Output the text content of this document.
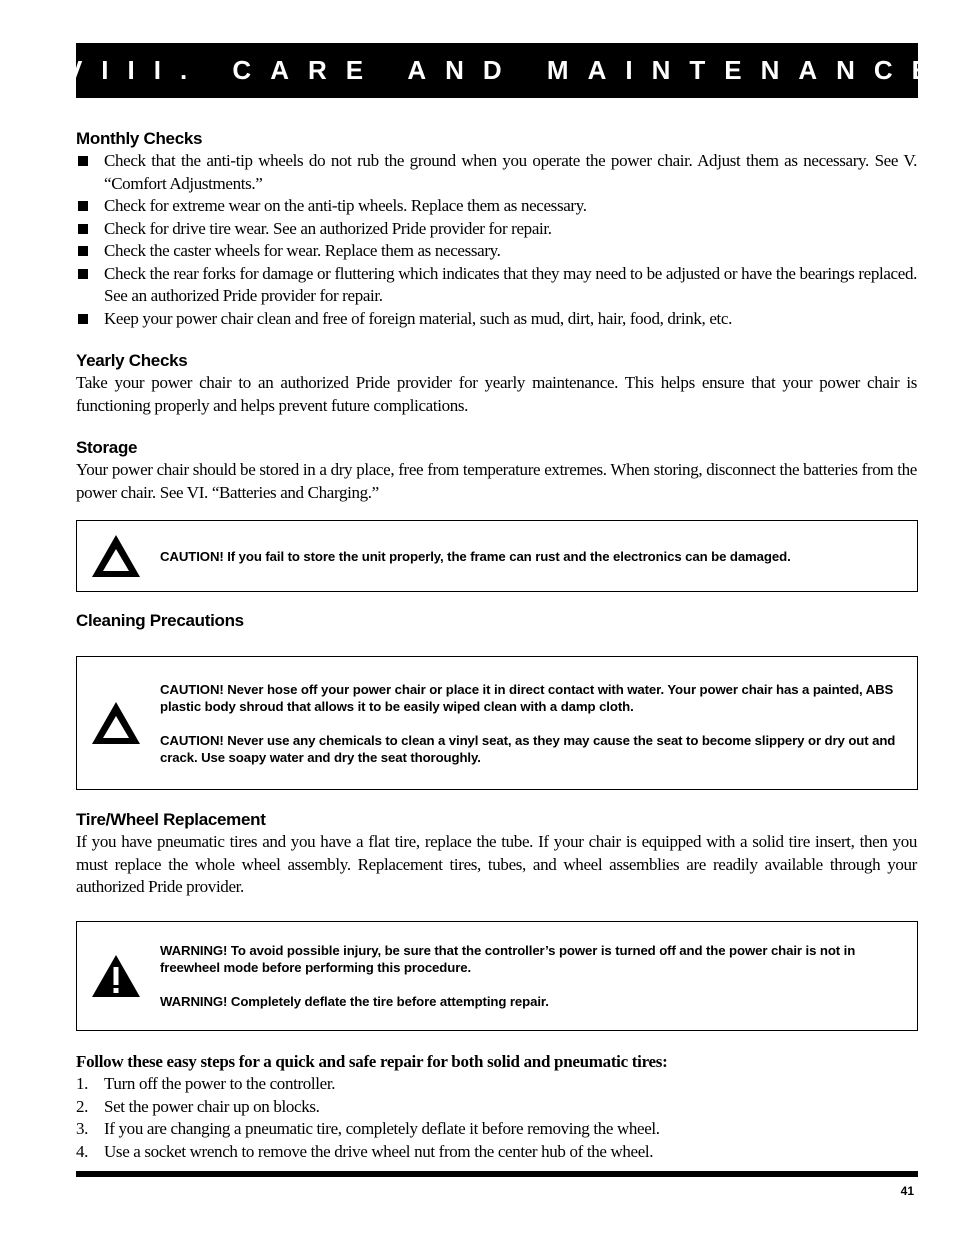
VIII. CARE AND MAINTENANCE
Monthly Checks
Check that the anti-tip wheels do not rub the ground when you operate the power chair. Adjust them as necessary. See V. “Comfort Adjustments.”
Check for extreme wear on the anti-tip wheels. Replace them as necessary.
Check for drive tire wear. See an authorized Pride provider for repair.
Check the caster wheels for wear. Replace them as necessary.
Check the rear forks for damage or fluttering which indicates that they may need to be adjusted or have the bearings replaced. See an authorized Pride provider for repair.
Keep your power chair clean and free of foreign material, such as mud, dirt, hair, food, drink, etc.
Yearly Checks

Take your power chair to an authorized Pride provider for yearly maintenance. This helps ensure that your power chair is functioning properly and helps prevent future complications.

Storage

Your power chair should be stored in a dry place, free from temperature extremes. When storing, disconnect the batteries from the power chair. See VI. “Batteries and Charging.”

CAUTION! If you fail to store the unit properly, the frame can rust and the electronics can be damaged.

Cleaning Precautions

CAUTION! Never hose off your power chair or place it in direct contact with water. Your power chair has a painted, ABS plastic body shroud that allows it to be easily wiped clean with a damp cloth.

CAUTION! Never use any chemicals to clean a vinyl seat, as they may cause the seat to become slippery or dry out and crack. Use soapy water and dry the seat thoroughly.

Tire/Wheel Replacement

If you have pneumatic tires and you have a flat tire, replace the tube. If your chair is equipped with a solid tire insert, then you must replace the whole wheel assembly. Replacement tires, tubes, and wheel assemblies are readily available through your authorized Pride provider.

WARNING! To avoid possible injury, be sure that the controller’s power is turned off and the power chair is not in freewheel mode before performing this procedure.

WARNING! Completely deflate the tire before attempting repair.

Follow these easy steps for a quick and safe repair for both solid and pneumatic tires:

1. Turn off the power to the controller.
2. Set the power chair up on blocks.
3. If you are changing a pneumatic tire, completely deflate it before removing the wheel.
4. Use a socket wrench to remove the drive wheel nut from the center hub of the wheel.
41
